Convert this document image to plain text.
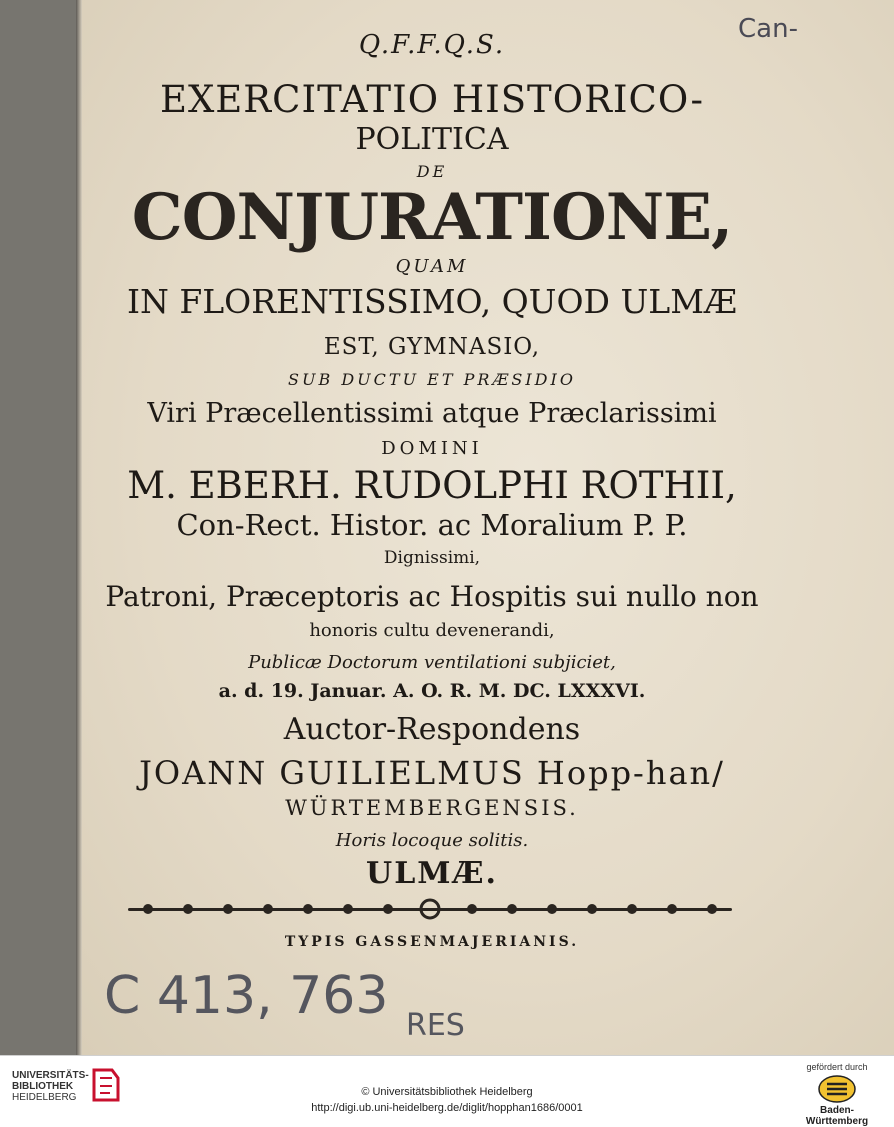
Can-
Q.F.F.Q.S.
EXERCITATIO HISTORICO-
POLITICA
DE
CONJURATIONE,
QUAM
IN FLORENTISSIMO, QUOD ULMÆ
EST, GYMNASIO,
SUB DUCTU ET PRÆSIDIO
Viri Præcellentissimi atque Præclarissimi
DOMINI
M. EBERH. RUDOLPHI ROTHII,
Con-Rect. Histor. ac Moralium P. P.
Dignissimi,
Patroni, Præceptoris ac Hospitis sui nullo non
honoris cultu devenerandi,
Publicæ Doctorum ventilationi subjiciet,
a. d. 19. Januar. A. O. R. M. DC. LXXXVI.
Auctor-Respondens
JOANN GUILIELMUS Hopp-han/
WÜRTEMBERGENSIS.
Horis locoque solitis.
ULMÆ.
TYPIS GASSENMAJERIANIS.
C 413, 763 RES
UNIVERSITÄTS-
BIBLIOTHEK
HEIDELBERG	© Universitätsbibliothek Heidelberg
http://digi.ub.uni-heidelberg.de/diglit/hopphan1686/0001
gefördert durch
Baden-Württemberg
